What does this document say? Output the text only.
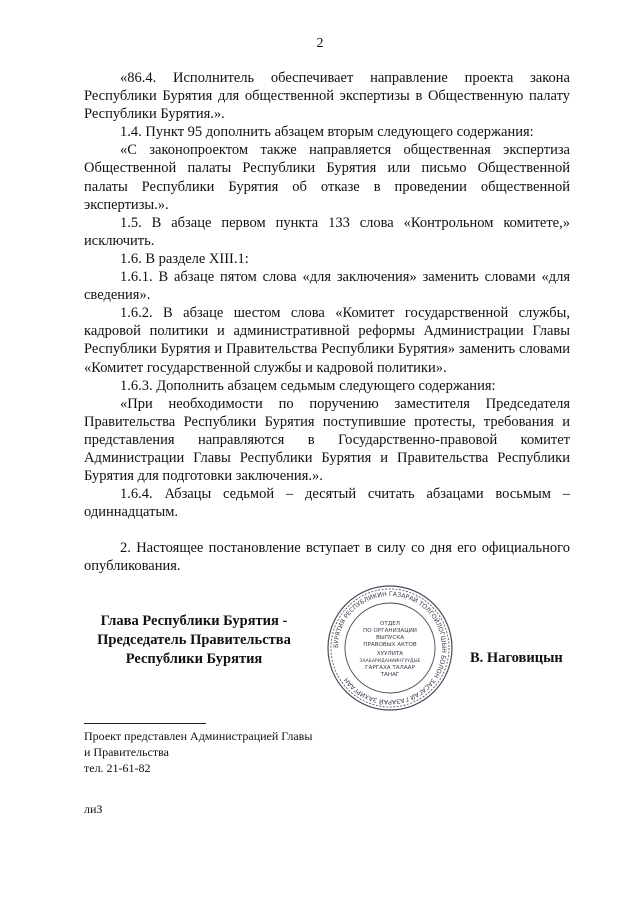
2

«86.4. Исполнитель обеспечивает направление проекта закона Республики Бурятия для общественной экспертизы в Общественную палату Республики Бурятия.».

1.4. Пункт 95 дополнить абзацем вторым следующего содержания:

«С законопроектом также направляется общественная экспертиза Общественной палаты Республики Бурятия или письмо Общественной палаты Республики Бурятия об отказе в проведении общественной экспертизы.».

1.5. В абзаце первом пункта 133 слова «Контрольном комитете,» исключить.

1.6. В разделе XIII.1:

1.6.1. В абзаце пятом слова «для заключения» заменить словами «для сведения».

1.6.2. В абзаце шестом слова «Комитет государственной службы, кадровой политики и административной реформы Администрации Главы Республики Бурятия и Правительства Республики Бурятия» заменить словами «Комитет государственной службы и кадровой политики».

1.6.3. Дополнить абзацем седьмым следующего содержания:

«При необходимости по поручению заместителя Председателя Правительства Республики Бурятия поступившие протесты, требования и представления направляются в Государственно-правовой комитет Администрации Главы Республики Бурятия и Правительства Республики Бурятия для подготовки заключения.».

1.6.4. Абзацы седьмой – десятый считать абзацами восьмым – одиннадцатым.

2. Настоящее постановление вступает в силу со дня его официального опубликования.

Глава Республики Бурятия -
Председатель Правительства
Республики Бурятия
БУРЯТИЯ РЕСПУБЛИКИН ГАЗАРАЙ ТОЛГОЙЛОГШЫН БОЛОН ЗАСАГАЙ ГАЗАРАЙ ЗАХИРГААН
ОТДЕЛ
ПО ОРГАНИЗАЦИИ
ВЫПУСКА
ПРАВОВЫХ АКТОВ
ХУУЛИТА
ЗААБАРИДАНИИНГУУДЫЕ
ГАРГАХА ТАЛААР
ТАНАГ
В. Наговицын
Проект представлен Администрацией Главы
и Правительства
тел. 21-61-82
лиЗ
